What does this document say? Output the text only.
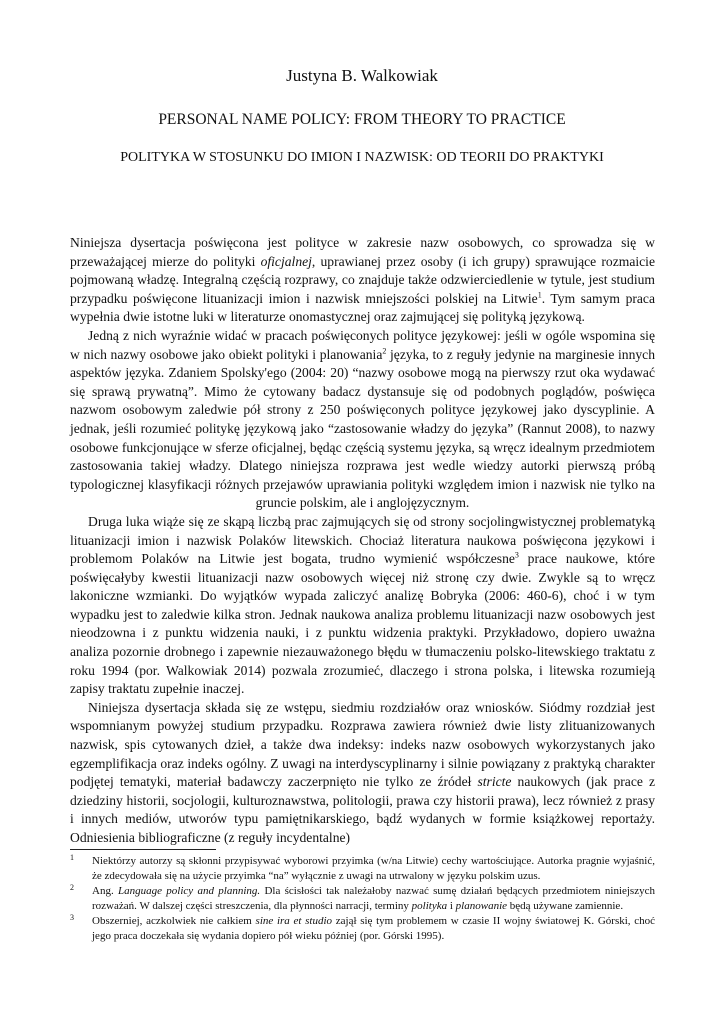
Justyna B. Walkowiak
PERSONAL NAME POLICY: FROM THEORY TO PRACTICE
POLITYKA W STOSUNKU DO IMION I NAZWISK: OD TEORII DO PRAKTYKI

Niniejsza dysertacja poświęcona jest polityce w zakresie nazw osobowych, co sprowadza się w przeważającej mierze do polityki oficjalnej, uprawianej przez osoby (i ich grupy) sprawujące rozmaicie pojmowaną władzę. Integralną częścią rozprawy, co znajduje także odzwierciedlenie w tytule, jest studium przypadku poświęcone lituanizacji imion i nazwisk mniejszości polskiej na Litwie$^1$. Tym samym praca wypełnia dwie istotne luki w literaturze onomastycznej oraz zajmującej się polityką językową.

Jedną z nich wyraźnie widać w pracach poświęconych polityce językowej: jeśli w ogóle wspomina się w nich nazwy osobowe jako obiekt polityki i planowania$^2$ języka, to z reguły jedynie na marginesie innych aspektów języka. Zdaniem Spolsky'ego (2004: 20) “nazwy osobowe mogą na pierwszy rzut oka wydawać się sprawą prywatną”. Mimo że cytowany badacz dystansuje się od podobnych poglądów, poświęca nazwom osobowym zaledwie pół strony z 250 poświęconych polityce językowej jako dyscyplinie. A jednak, jeśli rozumieć politykę językową jako “zastosowanie władzy do języka” (Rannut 2008), to nazwy osobowe funkcjonujące w sferze oficjalnej, będąc częścią systemu języka, są wręcz idealnym przedmiotem zastosowania takiej władzy. Dlatego niniejsza rozprawa jest wedle wiedzy autorki pierwszą próbą typologicznej klasyfikacji różnych przejawów uprawiania polityki względem imion i nazwisk nie tylko na gruncie polskim, ale i anglojęzycznym.

Druga luka wiąże się ze skąpą liczbą prac zajmujących się od strony socjolingwistycznej problematyką lituanizacji imion i nazwisk Polaków litewskich. Chociaż literatura naukowa poświęcona językowi i problemom Polaków na Litwie jest bogata, trudno wymienić współczesne$^3$ prace naukowe, które poświęcałyby kwestii lituanizacji nazw osobowych więcej niż stronę czy dwie. Zwykle są to wręcz lakoniczne wzmianki. Do wyjątków wypada zaliczyć analizę Bobryka (2006: 460-6), choć i w tym wypadku jest to zaledwie kilka stron. Jednak naukowa analiza problemu lituanizacji nazw osobowych jest nieodzowna i z punktu widzenia nauki, i z punktu widzenia praktyki. Przykładowo, dopiero uważna analiza pozornie drobnego i zapewnie niezauważonego błędu w tłumaczeniu polsko-litewskiego traktatu z roku 1994 (por. Walkowiak 2014) pozwala zrozumieć, dlaczego i strona polska, i litewska rozumieją zapisy traktatu zupełnie inaczej.

Niniejsza dysertacja składa się ze wstępu, siedmiu rozdziałów oraz wniosków. Siódmy rozdział jest wspomnianym powyżej studium przypadku. Rozprawa zawiera również dwie listy zlituanizowanych nazwisk, spis cytowanych dzieł, a także dwa indeksy: indeks nazw osobowych wykorzystanych jako egzemplifikacja oraz indeks ogólny. Z uwagi na interdyscyplinarny i silnie powiązany z praktyką charakter podjętej tematyki, materiał badawczy zaczerpnięto nie tylko ze źródeł stricte naukowych (jak prace z dziedziny historii, socjologii, kulturoznawstwa, politologii, prawa czy historii prawa), lecz również z prasy i innych mediów, utworów typu pamiętnikarskiego, bądź wydanych w formie książkowej reportaży. Odniesienia bibliograficzne (z reguły incydentalne)

1 Niektórzy autorzy są skłonni przypisywać wyborowi przyimka (w/na Litwie) cechy wartościujące. Autorka pragnie wyjaśnić, że zdecydowała się na użycie przyimka “na” wyłącznie z uwagi na utrwalony w języku polskim uzus.
2 Ang. Language policy and planning. Dla ścisłości tak należałoby nazwać sumę działań będących przedmiotem niniejszych rozważań. W dalszej części streszczenia, dla płynności narracji, terminy polityka i planowanie będą używane zamiennie.
3 Obszerniej, aczkolwiek nie całkiem sine ira et studio zajął się tym problemem w czasie II wojny światowej K. Górski, choć jego praca doczekała się wydania dopiero pół wieku później (por. Górski 1995).
